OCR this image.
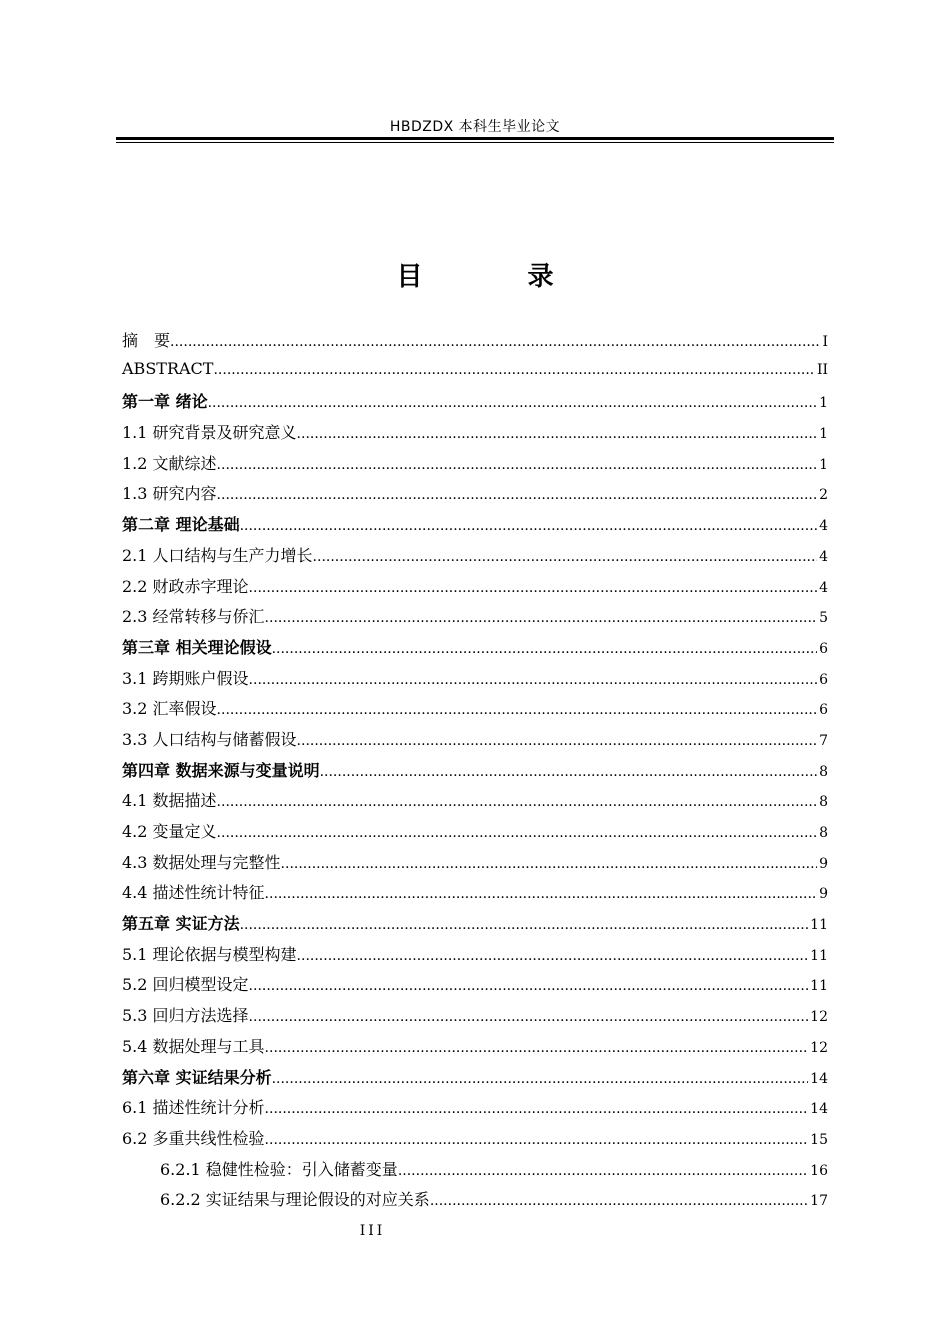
HBDZDX 本科生毕业论文
目 录
摘　要 .....	I
ABSTRACT .....	II
第一章 绪论 .....	1
1.1 研究背景及研究意义 .....	1
1.2 文献综述 .....	1
1.3 研究内容 .....	2
第二章 理论基础 .....	4
2.1 人口结构与生产力增长 .....	4
2.2 财政赤字理论 .....	4
2.3 经常转移与侨汇 .....	5
第三章 相关理论假设 .....	6
3.1 跨期账户假设 .....	6
3.2 汇率假设 .....	6
3.3 人口结构与储蓄假设 .....	7
第四章 数据来源与变量说明 .....	8
4.1 数据描述 .....	8
4.2 变量定义 .....	8
4.3 数据处理与完整性 .....	9
4.4 描述性统计特征 .....	9
第五章 实证方法 .....	11
5.1 理论依据与模型构建 .....	11
5.2 回归模型设定 .....	11
5.3 回归方法选择 .....	12
5.4 数据处理与工具 .....	12
第六章 实证结果分析 .....	14
6.1 描述性统计分析 .....	14
6.2 多重共线性检验 .....	15
6.2.1 稳健性检验：引入储蓄变量 .....	16
6.2.2 实证结果与理论假设的对应关系 .....	17
III
